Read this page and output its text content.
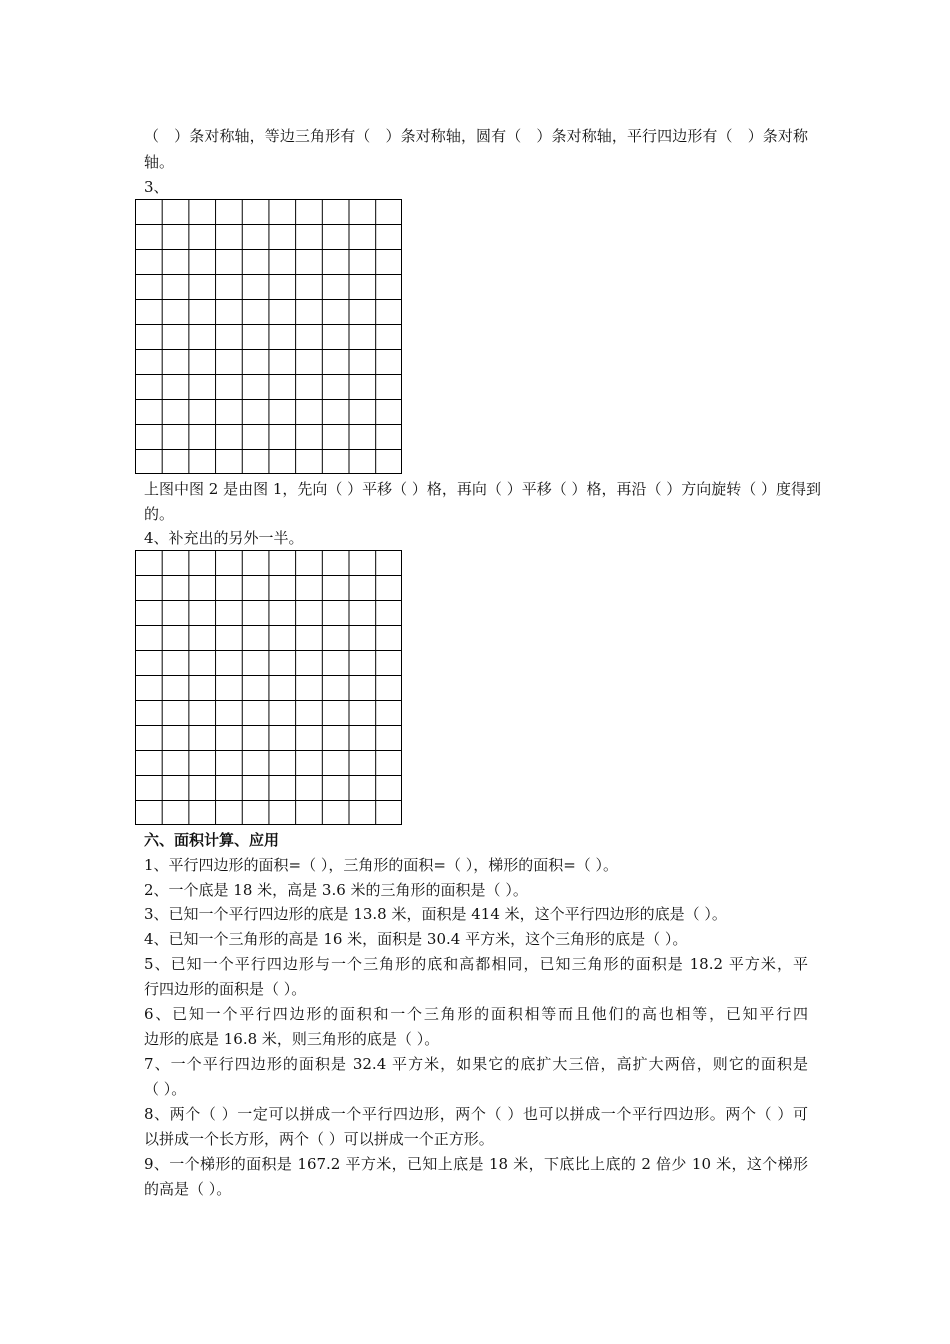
（　）条对称轴，等边三角形有（　）条对称轴，圆有（　）条对称轴，平行四边形有（　）条对称
轴。
3、
上图中图 2 是由图 1，先向（ ）平移（ ）格，再向（ ）平移（ ）格，再沿（ ）方向旋转（ ）度得到
的。
4、补充出的另外一半。
六、面积计算、应用
1、平行四边形的面积=（ ），三角形的面积=（ ），梯形的面积=（ ）。
2、一个底是 18 米，高是 3.6 米的三角形的面积是（ ）。
3、已知一个平行四边形的底是 13.8 米，面积是 414 米，这个平行四边形的底是（ ）。
4、已知一个三角形的高是 16 米，面积是 30.4 平方米，这个三角形的底是（ ）。
5、已知一个平行四边形与一个三角形的底和高都相同，已知三角形的面积是 18.2 平方米，平
行四边形的面积是（ ）。
6、已知一个平行四边形的面积和一个三角形的面积相等而且他们的高也相等，已知平行四
边形的底是 16.8 米，则三角形的底是（ ）。
7、一个平行四边形的面积是 32.4 平方米，如果它的底扩大三倍，高扩大两倍，则它的面积是
（ ）。
8、两个（ ）一定可以拼成一个平行四边形，两个（ ）也可以拼成一个平行四边形。两个（ ）可
以拼成一个长方形，两个（ ）可以拼成一个正方形。
9、一个梯形的面积是 167.2 平方米，已知上底是 18 米，下底比上底的 2 倍少 10 米，这个梯形
的高是（ ）。
